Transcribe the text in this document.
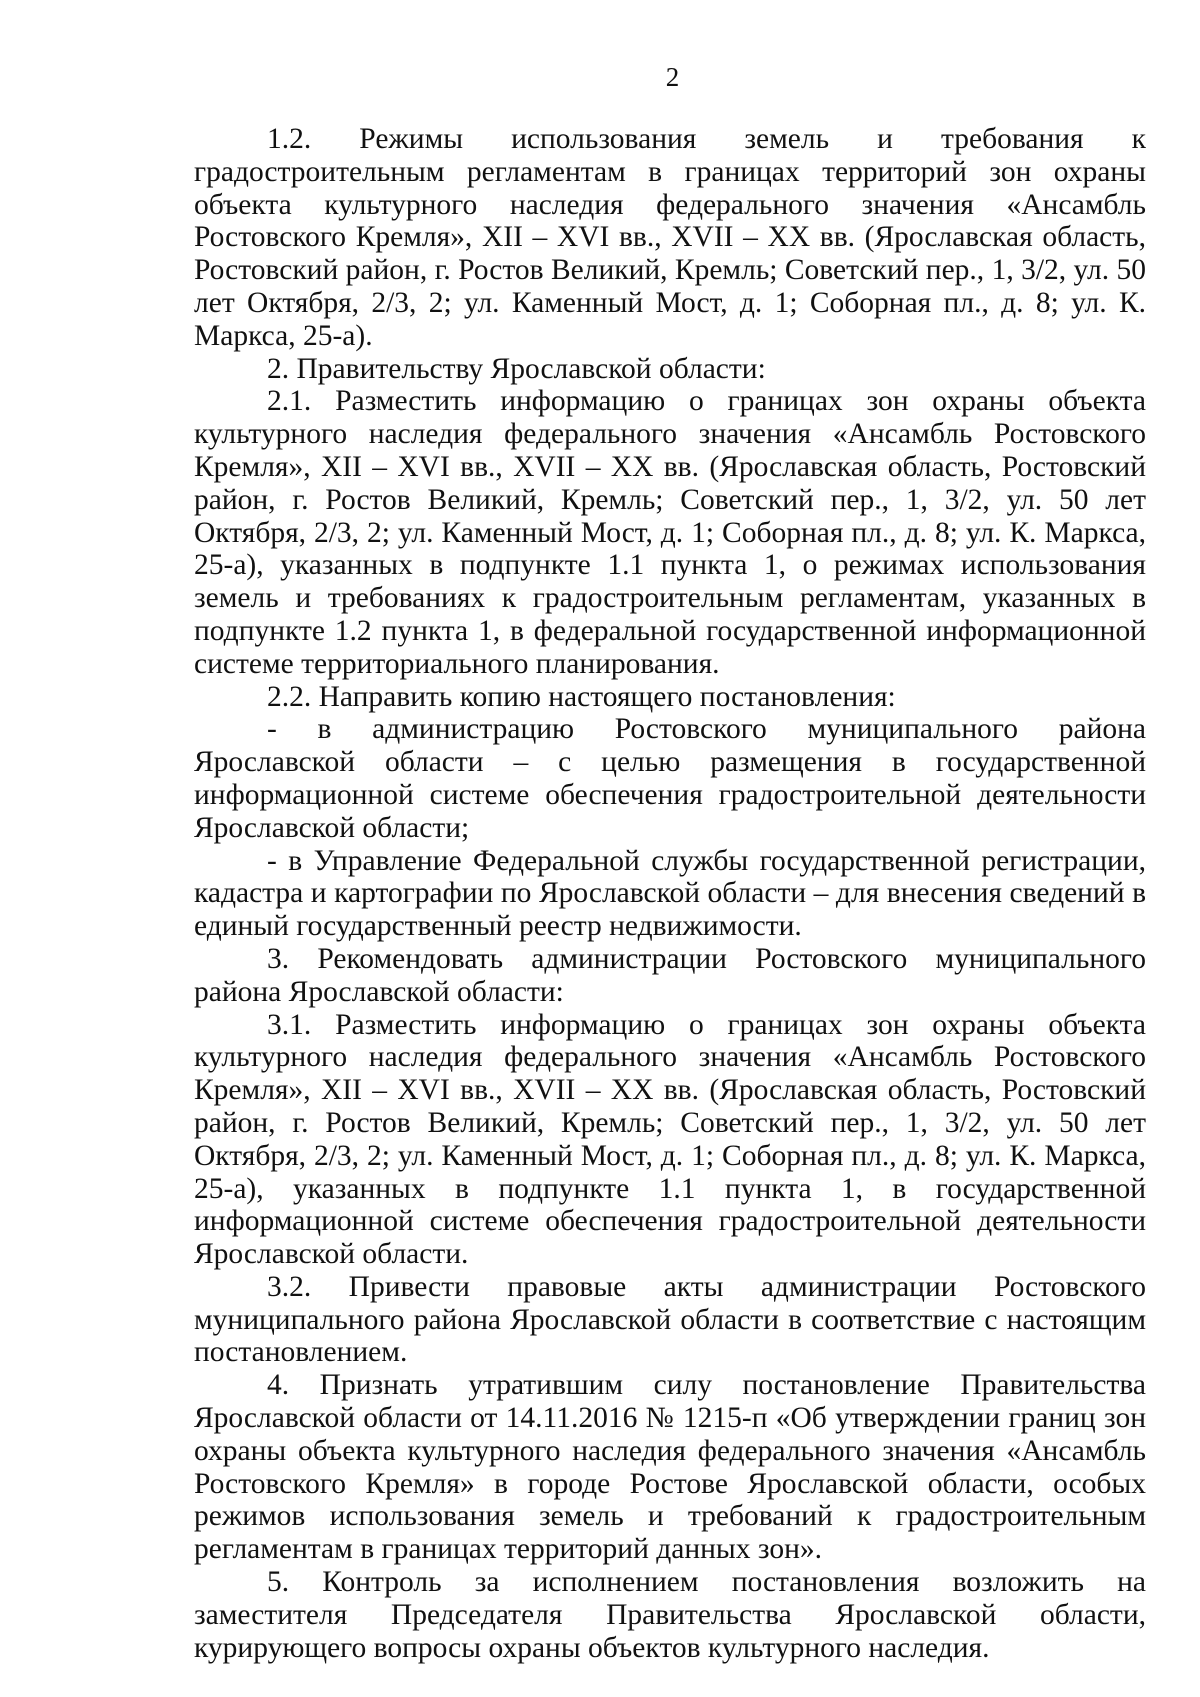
2

1.2. Режимы использования земель и требования к градостроительным регламентам в границах территорий зон охраны объекта культурного наследия федерального значения «Ансамбль Ростовского Кремля», XII – XVI вв., XVII – XX вв. (Ярославская область, Ростовский район, г. Ростов Великий, Кремль; Советский пер., 1, 3/2, ул. 50 лет Октября, 2/3, 2; ул. Каменный Мост, д. 1; Соборная пл., д. 8; ул. К. Маркса, 25-а).

2. Правительству Ярославской области:

2.1. Разместить информацию о границах зон охраны объекта культурного наследия федерального значения «Ансамбль Ростовского Кремля», XII – XVI вв., XVII – XX вв. (Ярославская область, Ростовский район, г. Ростов Великий, Кремль; Советский пер., 1, 3/2, ул. 50 лет Октября, 2/3, 2; ул. Каменный Мост, д. 1; Соборная пл., д. 8; ул. К. Маркса, 25-а), указанных в подпункте 1.1 пункта 1, о режимах использования земель и требованиях к градостроительным регламентам, указанных в подпункте 1.2 пункта 1, в федеральной государственной информационной системе территориального планирования.

2.2. Направить копию настоящего постановления:

- в администрацию Ростовского муниципального района Ярославской области – с целью размещения в государственной информационной системе обеспечения градостроительной деятельности Ярославской области;

- в Управление Федеральной службы государственной регистрации, кадастра и картографии по Ярославской области – для внесения сведений в единый государственный реестр недвижимости.

3. Рекомендовать администрации Ростовского муниципального района Ярославской области:

3.1. Разместить информацию о границах зон охраны объекта культурного наследия федерального значения «Ансамбль Ростовского Кремля», XII – XVI вв., XVII – XX вв. (Ярославская область, Ростовский район, г. Ростов Великий, Кремль; Советский пер., 1, 3/2, ул. 50 лет Октября, 2/3, 2; ул. Каменный Мост, д. 1; Соборная пл., д. 8; ул. К. Маркса, 25-а), указанных в подпункте 1.1 пункта 1, в государственной информационной системе обеспечения градостроительной деятельности Ярославской области.

3.2. Привести правовые акты администрации Ростовского муниципального района Ярославской области в соответствие с настоящим постановлением.

4. Признать утратившим силу постановление Правительства Ярославской области от 14.11.2016 № 1215-п «Об утверждении границ зон охраны объекта культурного наследия федерального значения «Ансамбль Ростовского Кремля» в городе Ростове Ярославской области, особых режимов использования земель и требований к градостроительным регламентам в границах территорий данных зон».

5. Контроль за исполнением постановления возложить на заместителя Председателя Правительства Ярославской области, курирующего вопросы охраны объектов культурного наследия.
